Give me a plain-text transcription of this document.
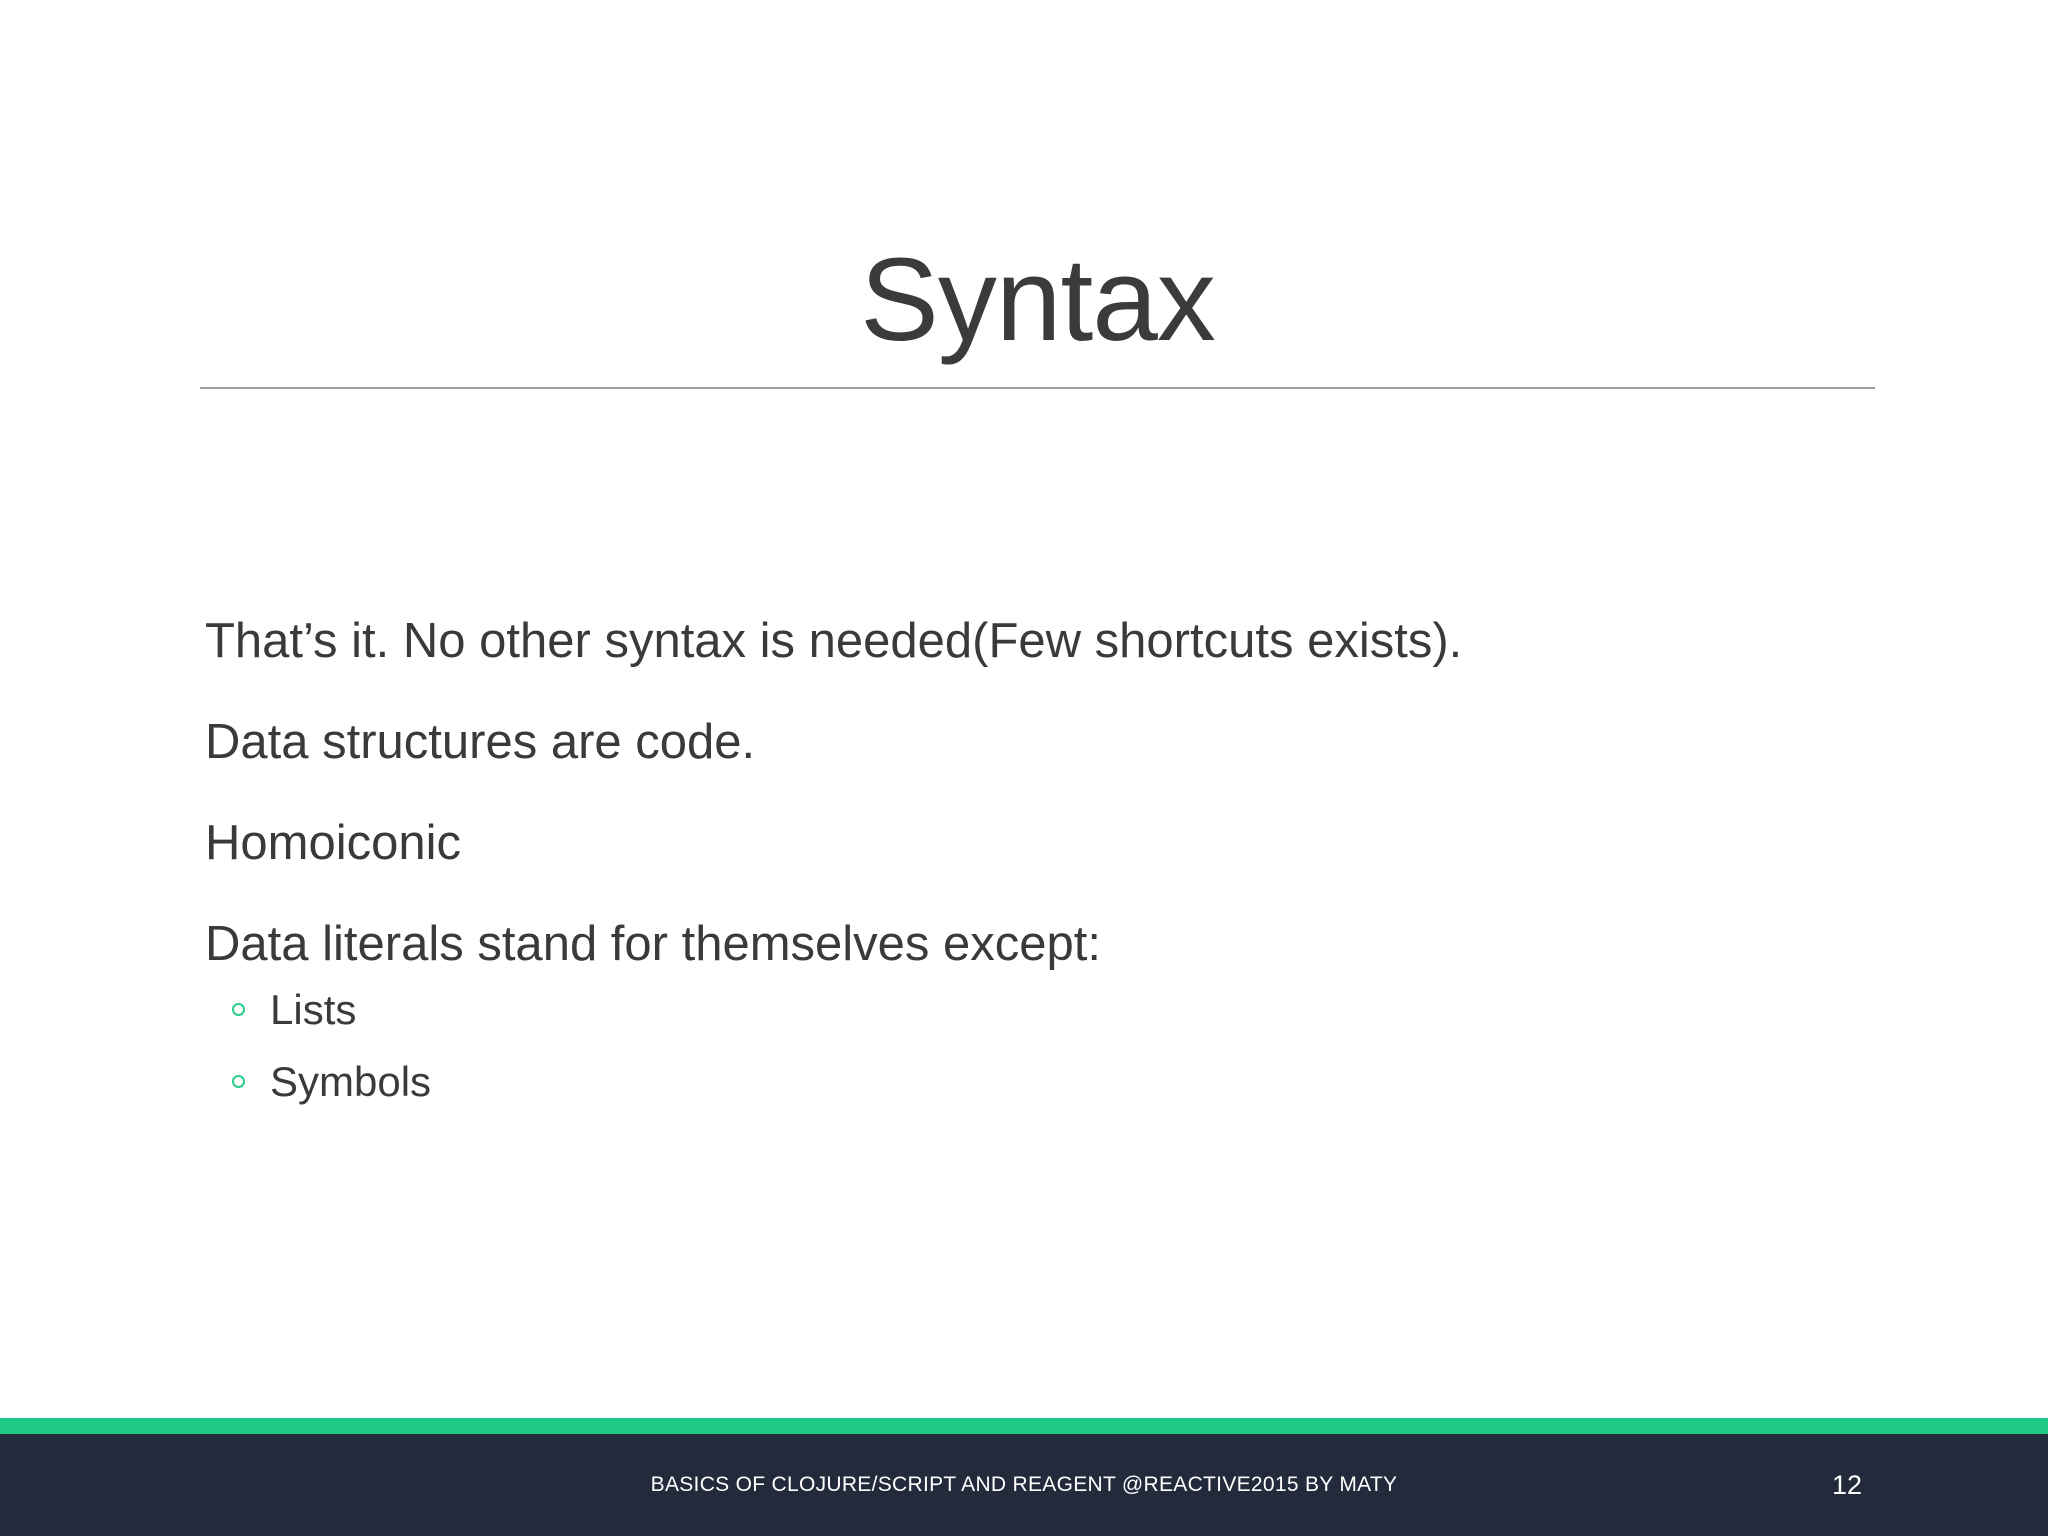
Syntax
That’s it. No other syntax is needed(Few shortcuts exists).
Data structures are code.
Homoiconic
Data literals stand for themselves except:
Lists
Symbols
BASICS OF CLOJURE/SCRIPT AND REAGENT @REACTIVE2015 BY MATY	12
